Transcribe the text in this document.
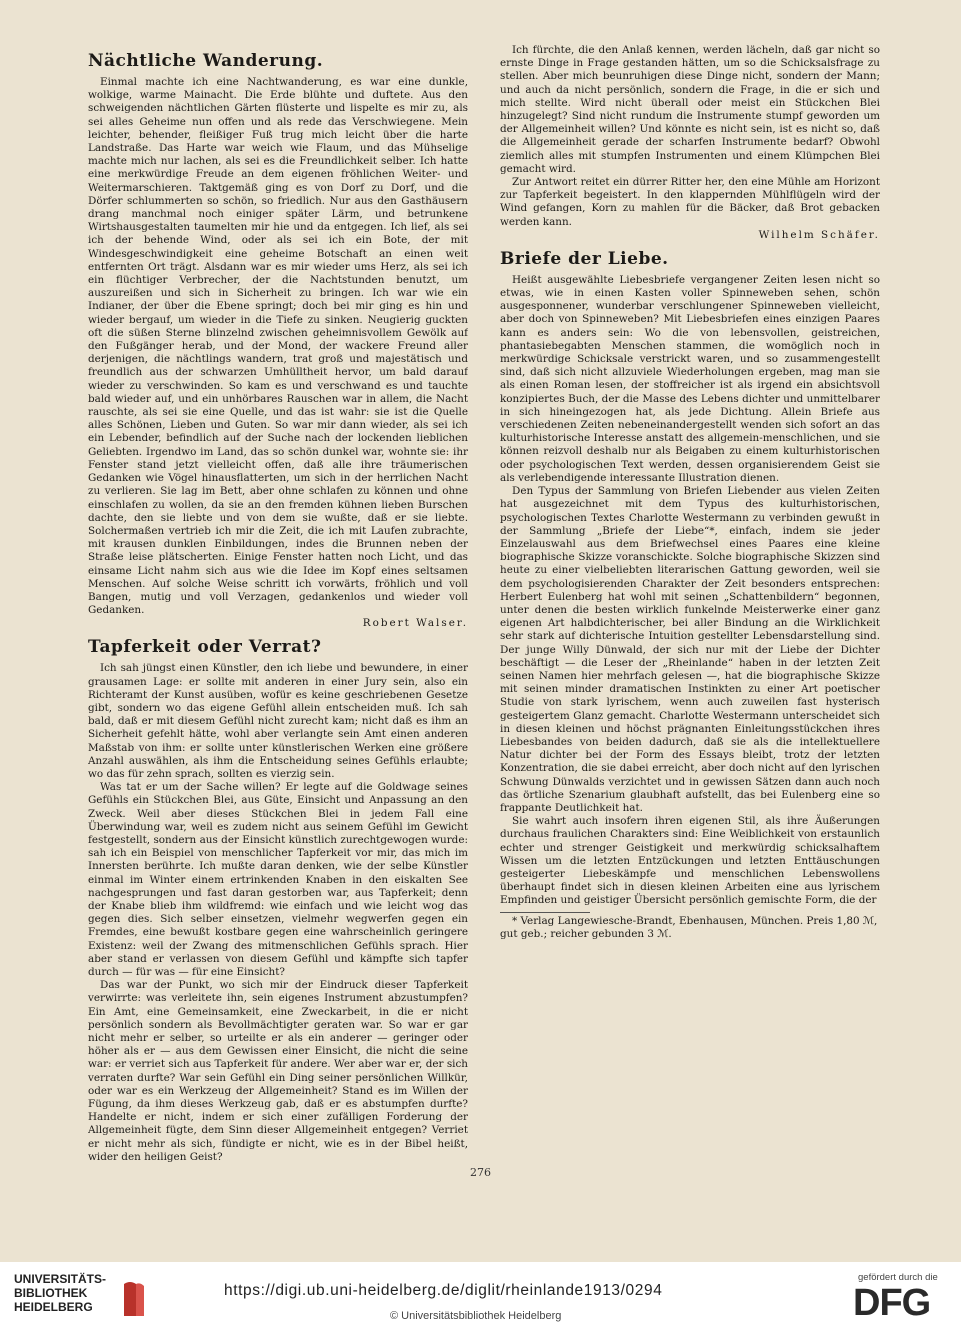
Nächtliche Wanderung.

Einmal machte ich eine Nachtwanderung, es war eine dunkle, wolkige, warme Mainacht. Die Erde blühte und duftete. Aus den schweigenden nächtlichen Gärten flüsterte und lispelte es mir zu, als sei alles Geheime nun offen und als rede das Verschwiegene. Mein leichter, behender, fleißiger Fuß trug mich leicht über die harte Landstraße. Das Harte war weich wie Flaum, und das Mühselige machte mich nur lachen, als sei es die Freundlichkeit selber. Ich hatte eine merkwürdige Freude an dem eigenen fröhlichen Weiter- und Weitermarschieren. Taktgemäß ging es von Dorf zu Dorf, und die Dörfer schlummerten so schön, so friedlich. Nur aus den Gasthäusern drang manchmal noch einiger später Lärm, und betrunkene Wirtshausgestalten taumelten mir hie und da entgegen. Ich lief, als sei ich der behende Wind, oder als sei ich ein Bote, der mit Windesgeschwindigkeit eine geheime Botschaft an einen weit entfernten Ort trägt. Alsdann war es mir wieder ums Herz, als sei ich ein flüchtiger Verbrecher, der die Nachtstunden benutzt, um auszureißen und sich in Sicherheit zu bringen. Ich war wie ein Indianer, der über die Ebene springt; doch bei mir ging es hin und wieder bergauf, um wieder in die Tiefe zu sinken. Neugierig guckten oft die süßen Sterne blinzelnd zwischen geheimnisvollem Gewölk auf den Fußgänger herab, und der Mond, der wackere Freund aller derjenigen, die nächtlings wandern, trat groß und majestätisch und freundlich aus der schwarzen Umhülltheit hervor, um bald darauf wieder zu verschwinden. So kam es und verschwand es und tauchte bald wieder auf, und ein unhörbares Rauschen war in allem, die Nacht rauschte, als sei sie eine Quelle, und das ist wahr: sie ist die Quelle alles Schönen, Lieben und Guten. So war mir dann wieder, als sei ich ein Lebender, befindlich auf der Suche nach der lockenden lieblichen Geliebten. Irgendwo im Land, das so schön dunkel war, wohnte sie: ihr Fenster stand jetzt vielleicht offen, daß alle ihre träumerischen Gedanken wie Vögel hinausflatterten, um sich in der herrlichen Nacht zu verlieren. Sie lag im Bett, aber ohne schlafen zu können und ohne einschlafen zu wollen, da sie an den fremden kühnen lieben Burschen dachte, den sie liebte und von dem sie wußte, daß er sie liebte. Solchermaßen vertrieb ich mir die Zeit, die ich mit Laufen zubrachte, mit krausen dunklen Einbildungen, indes die Brunnen neben der Straße leise plätscherten. Einige Fenster hatten noch Licht, und das einsame Licht nahm sich aus wie die Idee im Kopf eines seltsamen Menschen. Auf solche Weise schritt ich vorwärts, fröhlich und voll Bangen, mutig und voll Verzagen, gedankenlos und wieder voll Gedanken.

Robert Walser.
Tapferkeit oder Verrat?

Ich sah jüngst einen Künstler, den ich liebe und bewundere, in einer grausamen Lage: er sollte mit anderen in einer Jury sein, also ein Richteramt der Kunst ausüben, wofür es keine geschriebenen Gesetze gibt, sondern wo das eigene Gefühl allein entscheiden muß. Ich sah bald, daß er mit diesem Gefühl nicht zurecht kam; nicht daß es ihm an Sicherheit gefehlt hätte, wohl aber verlangte sein Amt einen anderen Maßstab von ihm: er sollte unter künstlerischen Werken eine größere Anzahl auswählen, als ihm die Entscheidung seines Gefühls erlaubte; wo das für zehn sprach, sollten es vierzig sein.

Was tat er um der Sache willen? Er legte auf die Goldwage seines Gefühls ein Stückchen Blei, aus Güte, Einsicht und Anpassung an den Zweck. Weil aber dieses Stückchen Blei in jedem Fall eine Überwindung war, weil es zudem nicht aus seinem Gefühl im Gewicht festgestellt, sondern aus der Einsicht künstlich zurechtgewogen wurde: sah ich ein Beispiel von menschlicher Tapferkeit vor mir, das mich im Innersten berührte. Ich mußte daran denken, wie der selbe Künstler einmal im Winter einem ertrinkenden Knaben in den eiskalten See nachgesprungen und fast daran gestorben war, aus Tapferkeit; denn der Knabe blieb ihm wildfremd: wie einfach und wie leicht wog das gegen dies. Sich selber einsetzen, vielmehr wegwerfen gegen ein Fremdes, eine bewußt kostbare gegen eine wahrscheinlich geringere Existenz: weil der Zwang des mitmenschlichen Gefühls sprach. Hier aber stand er verlassen von diesem Gefühl und kämpfte sich tapfer durch — für was — für eine Einsicht?

Das war der Punkt, wo sich mir der Eindruck dieser Tapferkeit verwirrte: was verleitete ihn, sein eigenes Instrument abzustumpfen? Ein Amt, eine Gemeinsamkeit, eine Zweckarbeit, in die er nicht persönlich sondern als Bevollmächtigter geraten war. So war er gar nicht mehr er selber, so urteilte er als ein anderer — geringer oder höher als er — aus dem Gewissen einer Einsicht, die nicht die seine war: er verriet sich aus Tapferkeit für andere. Wer aber war er, der sich verraten durfte? War sein Gefühl ein Ding seiner persönlichen Willkür, oder war es ein Werkzeug der Allgemeinheit? Stand es im Willen der Fügung, da ihm dieses Werkzeug gab, daß er es abstumpfen durfte? Handelte er nicht, indem er sich einer zufälligen Forderung der Allgemeinheit fügte, dem Sinn dieser Allgemeinheit entgegen? Verriet er nicht mehr als sich, fündigte er nicht, wie es in der Bibel heißt, wider den heiligen Geist?

Ich fürchte, die den Anlaß kennen, werden lächeln, daß gar nicht so ernste Dinge in Frage gestanden hätten, um so die Schicksalsfrage zu stellen. Aber mich beunruhigen diese Dinge nicht, sondern der Mann; und auch da nicht persönlich, sondern die Frage, in die er sich und mich stellte. Wird nicht überall oder meist ein Stückchen Blei hinzugelegt? Sind nicht rundum die Instrumente stumpf geworden um der Allgemeinheit willen? Und könnte es nicht sein, ist es nicht so, daß die Allgemeinheit gerade der scharfen Instrumente bedarf? Obwohl ziemlich alles mit stumpfen Instrumenten und einem Klümpchen Blei gemacht wird.

Zur Antwort reitet ein dürrer Ritter her, den eine Mühle am Horizont zur Tapferkeit begeistert. In den klappernden Mühlflügeln wird der Wind gefangen, Korn zu mahlen für die Bäcker, daß Brot gebacken werden kann.

Wilhelm Schäfer.
Briefe der Liebe.

Heißt ausgewählte Liebesbriefe vergangener Zeiten lesen nicht so etwas, wie in einen Kasten voller Spinneweben sehen, schön ausgesponnener, wunderbar verschlungener Spinneweben vielleicht, aber doch von Spinneweben? Mit Liebesbriefen eines einzigen Paares kann es anders sein: Wo die von lebensvollen, geistreichen, phantasiebegabten Menschen stammen, die womöglich noch in merkwürdige Schicksale verstrickt waren, und so zusammengestellt sind, daß sich nicht allzuviele Wiederholungen ergeben, mag man sie als einen Roman lesen, der stoffreicher ist als irgend ein absichtsvoll konzipiertes Buch, der die Masse des Lebens dichter und unmittelbarer in sich hineingezogen hat, als jede Dichtung. Allein Briefe aus verschiedenen Zeiten nebeneinandergestellt wenden sich sofort an das kulturhistorische Interesse anstatt des allgemein-menschlichen, und sie können reizvoll deshalb nur als Beigaben zu einem kulturhistorischen oder psychologischen Text werden, dessen organisierendem Geist sie als verlebendigende interessante Illustration dienen.

Den Typus der Sammlung von Briefen Liebender aus vielen Zeiten hat ausgezeichnet mit dem Typus des kulturhistorischen, psychologischen Textes Charlotte Westermann zu verbinden gewußt in der Sammlung „Briefe der Liebe“*, einfach, indem sie jeder Einzelauswahl aus dem Briefwechsel eines Paares eine kleine biographische Skizze voranschickte. Solche biographische Skizzen sind heute zu einer vielbeliebten literarischen Gattung geworden, weil sie dem psychologisierenden Charakter der Zeit besonders entsprechen: Herbert Eulenberg hat wohl mit seinen „Schattenbildern“ begonnen, unter denen die besten wirklich funkelnde Meisterwerke einer ganz eigenen Art halbdichterischer, bei aller Bindung an die Wirklichkeit sehr stark auf dichterische Intuition gestellter Lebensdarstellung sind. Der junge Willy Dünwald, der sich nur mit der Liebe der Dichter beschäftigt — die Leser der „Rheinlande“ haben in der letzten Zeit seinen Namen hier mehrfach gelesen —, hat die biographische Skizze mit seinen minder dramatischen Instinkten zu einer Art poetischer Studie von stark lyrischem, wenn auch zuweilen fast hysterisch gesteigertem Glanz gemacht. Charlotte Westermann unterscheidet sich in diesen kleinen und höchst prägnanten Einleitungsstückchen ihres Liebesbandes von beiden dadurch, daß sie als die intellektuellere Natur dichter bei der Form des Essays bleibt, trotz der letzten Konzentration, die sie dabei erreicht, aber doch nicht auf den lyrischen Schwung Dünwalds verzichtet und in gewissen Sätzen dann auch noch das örtliche Szenarium glaubhaft aufstellt, das bei Eulenberg eine so frappante Deutlichkeit hat.

Sie wahrt auch insofern ihren eigenen Stil, als ihre Äußerungen durchaus fraulichen Charakters sind: Eine Weiblichkeit von erstaunlich echter und strenger Geistigkeit und merkwürdig schicksalhaftem Wissen um die letzten Entzückungen und letzten Enttäuschungen gesteigerter Liebeskämpfe und menschlichen Lebenswollens überhaupt findet sich in diesen kleinen Arbeiten eine aus lyrischem Empfinden und geistiger Übersicht persönlich gemischte Form, die der

* Verlag Langewiesche-Brandt, Ebenhausen, München. Preis 1,80 ℳ, gut geb.; reicher gebunden 3 ℳ.
276
UNIVERSITÄTS-
BIBLIOTHEK
HEIDELBERG
https://digi.ub.uni-heidelberg.de/diglit/rheinlande1913/0294
© Universitätsbibliothek Heidelberg
gefördert durch die
DFG
